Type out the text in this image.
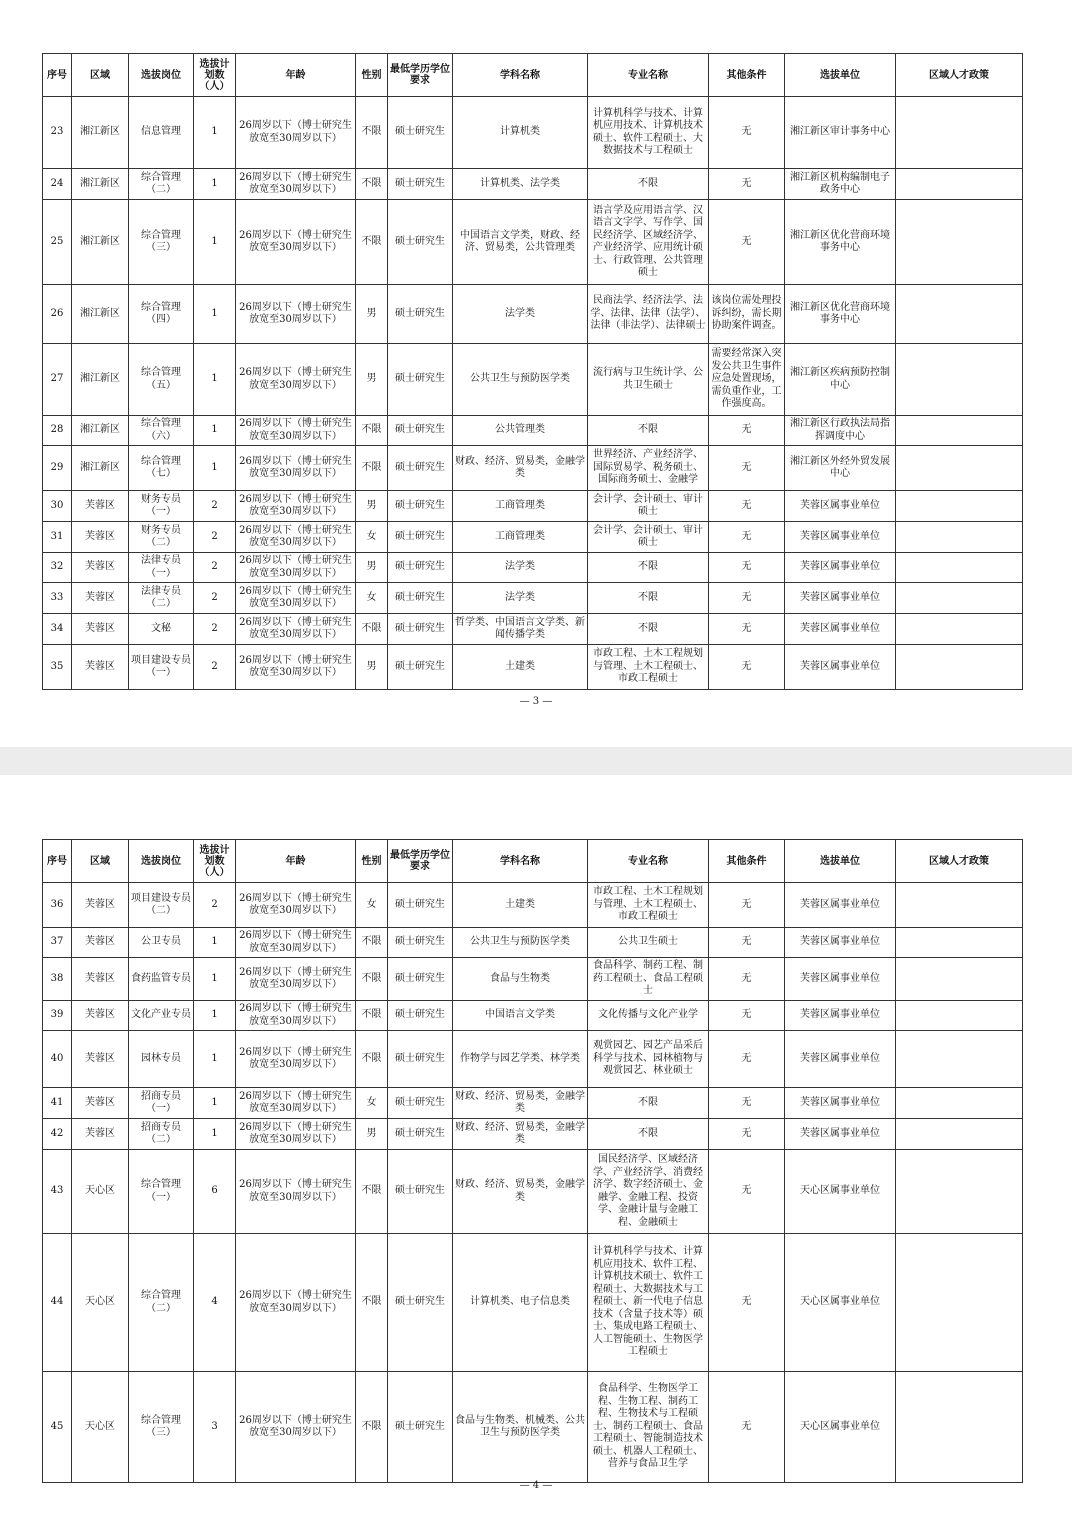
序号	区域	选拔岗位	选拔计划数（人）	年龄	性别	最低学历学位要求	学科名称	专业名称	其他条件	选拔单位	区域人才政策
23	湘江新区	信息管理	1	26周岁以下（博士研究生放宽至30周岁以下）	不限	硕士研究生	计算机类	计算机科学与技术、计算机应用技术、计算机技术硕士、软件工程硕士、大数据技术与工程硕士	无	湘江新区审计事务中心	
24	湘江新区	综合管理（二）	1	26周岁以下（博士研究生放宽至30周岁以下）	不限	硕士研究生	计算机类、法学类	不限	无	湘江新区机构编制电子政务中心	
25	湘江新区	综合管理（三）	1	26周岁以下（博士研究生放宽至30周岁以下）	不限	硕士研究生	中国语言文学类，财政、经济、贸易类，公共管理类	语言学及应用语言学、汉语言文字学、写作学、国民经济学、区域经济学、产业经济学、应用统计硕士、行政管理、公共管理硕士	无	湘江新区优化营商环境事务中心	
26	湘江新区	综合管理（四）	1	26周岁以下（博士研究生放宽至30周岁以下）	男	硕士研究生	法学类	民商法学、经济法学、法学、法律、法律（法学）、法律（非法学）、法律硕士	该岗位需处理投诉纠纷，需长期协助案件调查。	湘江新区优化营商环境事务中心	
27	湘江新区	综合管理（五）	1	26周岁以下（博士研究生放宽至30周岁以下）	男	硕士研究生	公共卫生与预防医学类	流行病与卫生统计学、公共卫生硕士	需要经常深入突发公共卫生事件应急处置现场，需负重作业，工作强度高。	湘江新区疾病预防控制中心	
28	湘江新区	综合管理（六）	1	26周岁以下（博士研究生放宽至30周岁以下）	不限	硕士研究生	公共管理类	不限	无	湘江新区行政执法局指挥调度中心	
29	湘江新区	综合管理（七）	1	26周岁以下（博士研究生放宽至30周岁以下）	不限	硕士研究生	财政、经济、贸易类，金融学类	世界经济、产业经济学、国际贸易学、税务硕士、国际商务硕士、金融学	无	湘江新区外经外贸发展中心	
30	芙蓉区	财务专员（一）	2	26周岁以下（博士研究生放宽至30周岁以下）	男	硕士研究生	工商管理类	会计学、会计硕士、审计硕士	无	芙蓉区属事业单位	
31	芙蓉区	财务专员（二）	2	26周岁以下（博士研究生放宽至30周岁以下）	女	硕士研究生	工商管理类	会计学、会计硕士、审计硕士	无	芙蓉区属事业单位	
32	芙蓉区	法律专员（一）	2	26周岁以下（博士研究生放宽至30周岁以下）	男	硕士研究生	法学类	不限	无	芙蓉区属事业单位	
33	芙蓉区	法律专员（二）	2	26周岁以下（博士研究生放宽至30周岁以下）	女	硕士研究生	法学类	不限	无	芙蓉区属事业单位	
34	芙蓉区	文秘	2	26周岁以下（博士研究生放宽至30周岁以下）	不限	硕士研究生	哲学类、中国语言文学类、新闻传播学类	不限	无	芙蓉区属事业单位	
35	芙蓉区	项目建设专员（一）	2	26周岁以下（博士研究生放宽至30周岁以下）	男	硕士研究生	土建类	市政工程、土木工程规划与管理、土木工程硕士、市政工程硕士	无	芙蓉区属事业单位	
— 3 —
序号	区域	选拔岗位	选拔计划数（人）	年龄	性别	最低学历学位要求	学科名称	专业名称	其他条件	选拔单位	区域人才政策
36	芙蓉区	项目建设专员（二）	2	26周岁以下（博士研究生放宽至30周岁以下）	女	硕士研究生	土建类	市政工程、土木工程规划与管理、土木工程硕士、市政工程硕士	无	芙蓉区属事业单位	
37	芙蓉区	公卫专员	1	26周岁以下（博士研究生放宽至30周岁以下）	不限	硕士研究生	公共卫生与预防医学类	公共卫生硕士	无	芙蓉区属事业单位	
38	芙蓉区	食药监管专员	1	26周岁以下（博士研究生放宽至30周岁以下）	不限	硕士研究生	食品与生物类	食品科学、制药工程、制药工程硕士、食品工程硕士	无	芙蓉区属事业单位	
39	芙蓉区	文化产业专员	1	26周岁以下（博士研究生放宽至30周岁以下）	不限	硕士研究生	中国语言文学类	文化传播与文化产业学	无	芙蓉区属事业单位	
40	芙蓉区	园林专员	1	26周岁以下（博士研究生放宽至30周岁以下）	不限	硕士研究生	作物学与园艺学类、林学类	观赏园艺、园艺产品采后科学与技术、园林植物与观赏园艺、林业硕士	无	芙蓉区属事业单位	
41	芙蓉区	招商专员（一）	1	26周岁以下（博士研究生放宽至30周岁以下）	女	硕士研究生	财政、经济、贸易类，金融学类	不限	无	芙蓉区属事业单位	
42	芙蓉区	招商专员（二）	1	26周岁以下（博士研究生放宽至30周岁以下）	男	硕士研究生	财政、经济、贸易类，金融学类	不限	无	芙蓉区属事业单位	
43	天心区	综合管理（一）	6	26周岁以下（博士研究生放宽至30周岁以下）	不限	硕士研究生	财政、经济、贸易类，金融学类	国民经济学、区域经济学、产业经济学、消费经济学、数字经济硕士、金融学、金融工程、投资学、金融计量与金融工程、金融硕士	无	天心区属事业单位	
44	天心区	综合管理（二）	4	26周岁以下（博士研究生放宽至30周岁以下）	不限	硕士研究生	计算机类、电子信息类	计算机科学与技术、计算机应用技术、软件工程、计算机技术硕士、软件工程硕士、大数据技术与工程硕士、新一代电子信息技术（含量子技术等）硕士、集成电路工程硕士、人工智能硕士、生物医学工程硕士	无	天心区属事业单位	
45	天心区	综合管理（三）	3	26周岁以下（博士研究生放宽至30周岁以下）	不限	硕士研究生	食品与生物类、机械类、公共卫生与预防医学类	食品科学、生物医学工程、生物工程、制药工程、生物技术与工程硕士、制药工程硕士、食品工程硕士、智能制造技术硕士、机器人工程硕士、营养与食品卫生学	无	天心区属事业单位	
— 4 —
